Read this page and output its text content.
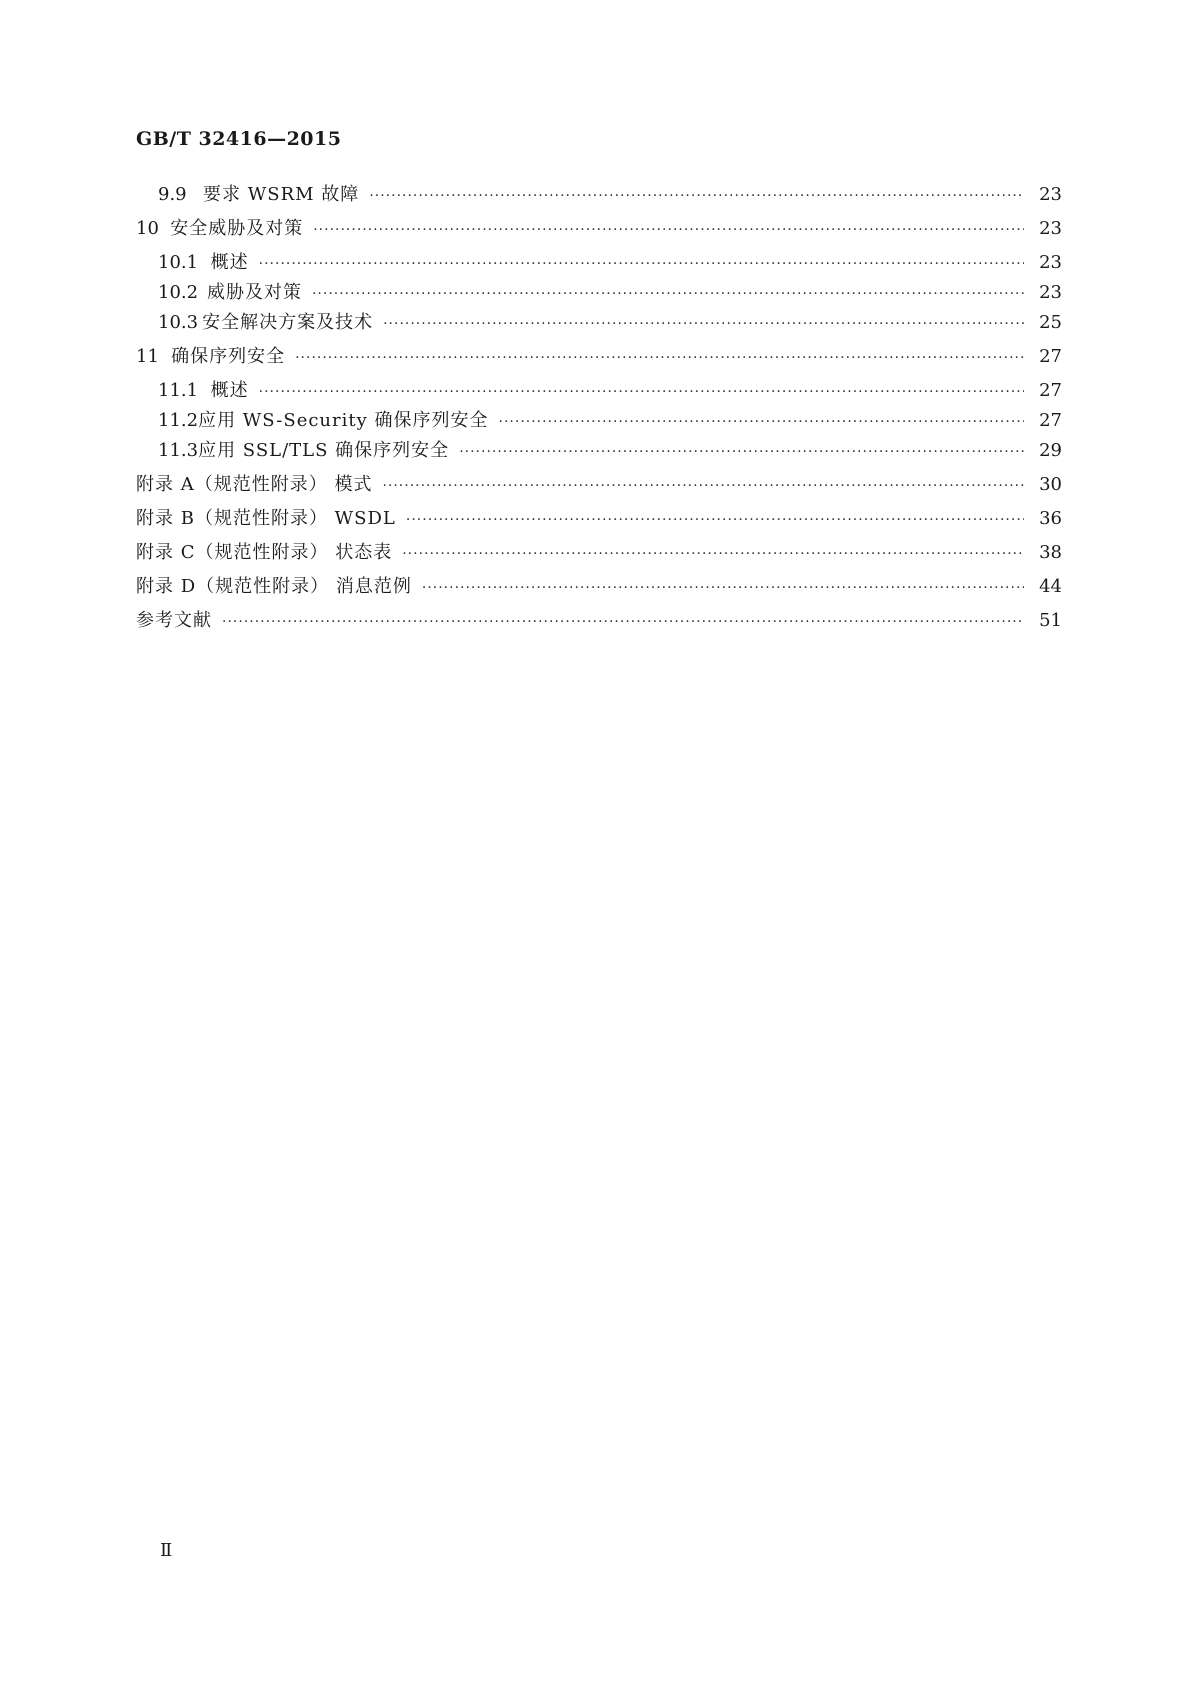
GB/T 32416—2015
9.9 要求 WSRM 故障 ·····	23
10 安全威胁及对策 ·····	23
10.1 概述 ·····	23
10.2 威胁及对策 ·····	23
10.3 安全解决方案及技术 ·····	25
11 确保序列安全 ·····	27
11.1 概述 ·····	27
11.2 应用 WS-Security 确保序列安全 ·····	27
11.3 应用 SSL/TLS 确保序列安全 ·····	29
附录 A（规范性附录） 模式 ·····	30
附录 B（规范性附录） WSDL ·····	36
附录 C（规范性附录） 状态表 ·····	38
附录 D（规范性附录） 消息范例 ·····	44
参考文献 ·····	51
Ⅱ
